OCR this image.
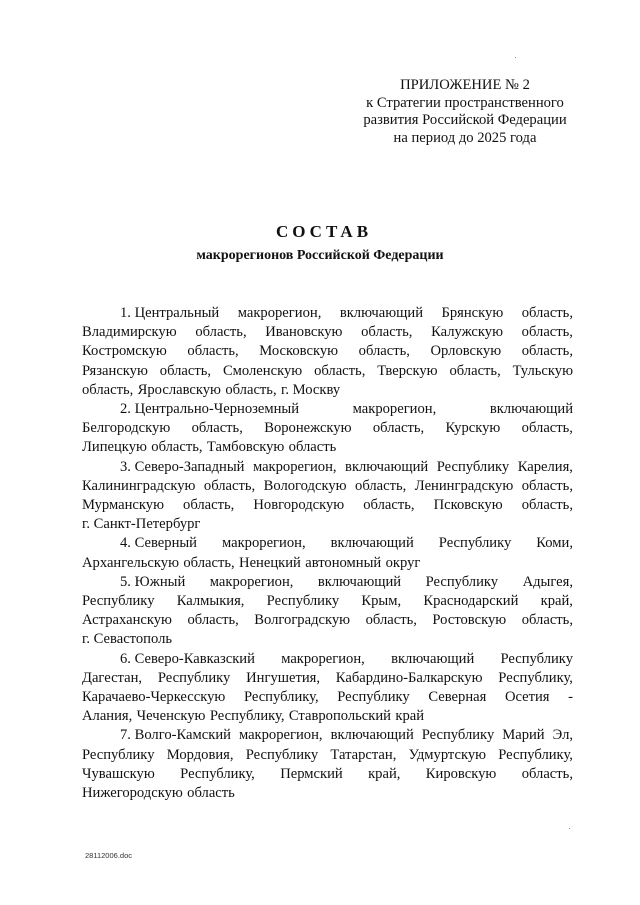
ПРИЛОЖЕНИЕ № 2
к Стратегии пространственного
развития Российской Федерации
на период до 2025 года
СОСТАВ
макрорегионов Российской Федерации
1. Центральный макрорегион, включающий Брянскую область,
Владимирскую область, Ивановскую область, Калужскую область,
Костромскую область, Московскую область, Орловскую область,
Рязанскую область, Смоленскую область, Тверскую область, Тульскую
область, Ярославскую область, г. Москву
2. Центрально-Черноземный	макрорегион,	включающий
Белгородскую область, Воронежскую область, Курскую область,
Липецкую область, Тамбовскую область
3. Северо-Западный макрорегион, включающий Республику Карелия,
Калининградскую область, Вологодскую область, Ленинградскую область,
Мурманскую область, Новгородскую область, Псковскую область,
г. Санкт-Петербург
4. Северный макрорегион, включающий Республику Коми,
Архангельскую область, Ненецкий автономный округ
5. Южный макрорегион, включающий Республику Адыгея,
Республику Калмыкия, Республику Крым, Краснодарский край,
Астраханскую область, Волгоградскую область, Ростовскую область,
г. Севастополь
6. Северо-Кавказский макрорегион, включающий Республику
Дагестан, Республику Ингушетия, Кабардино-Балкарскую Республику,
Карачаево-Черкесскую Республику, Республику Северная Осетия -
Алания, Чеченскую Республику, Ставропольский край
7. Волго-Камский макрорегион, включающий Республику Марий Эл,
Республику Мордовия, Республику Татарстан, Удмуртскую Республику,
Чувашскую Республику, Пермский край, Кировскую область,
Нижегородскую область
28112006.doc
